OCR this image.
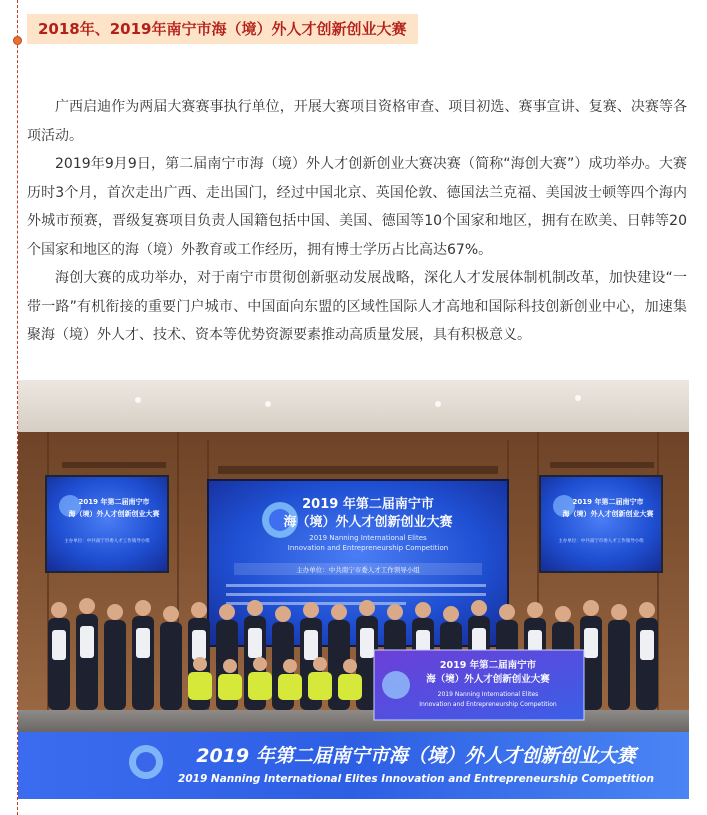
2018年、2019年南宁市海（境）外人才创新创业大赛

广西启迪作为两届大赛赛事执行单位，开展大赛项目资格审查、项目初选、赛事宣讲、复赛、决赛等各项活动。

2019年9月9日，第二届南宁市海（境）外人才创新创业大赛决赛（简称“海创大赛”）成功举办。大赛历时3个月，首次走出广西、走出国门，经过中国北京、英国伦敦、德国法兰克福、美国波士顿等四个海内外城市预赛，晋级复赛项目负责人国籍包括中国、美国、德国等10个国家和地区，拥有在欧美、日韩等20个国家和地区的海（境）外教育或工作经历，拥有博士学历占比高达67%。

海创大赛的成功举办，对于南宁市贯彻创新驱动发展战略，深化人才发展体制机制改革，加快建设“一带一路”有机衔接的重要门户城市、中国面向东盟的区域性国际人才高地和国际科技创新创业中心，加速集聚海（境）外人才、技术、资本等优势资源要素推动高质量发展，具有积极意义。

2019 年第二届南宁市
海（境）外人才创新创业大赛
主办单位：中共南宁市委人才工作领导小组
2019 年第二届南宁市
海（境）外人才创新创业大赛
主办单位：中共南宁市委人才工作领导小组
2019 年第二届南宁市
海（境）外人才创新创业大赛
2019 Nanning International Elites
Innovation and Entrepreneurship Competition
主办单位：中共南宁市委人才工作领导小组
2019 年第二届南宁市
海（境）外人才创新创业大赛
2019 Nanning International Elites
Innovation and Entrepreneurship Competition
2019 年第二届南宁市海（境）外人才创新创业大赛
2019 Nanning International Elites Innovation and Entrepreneurship Competition
